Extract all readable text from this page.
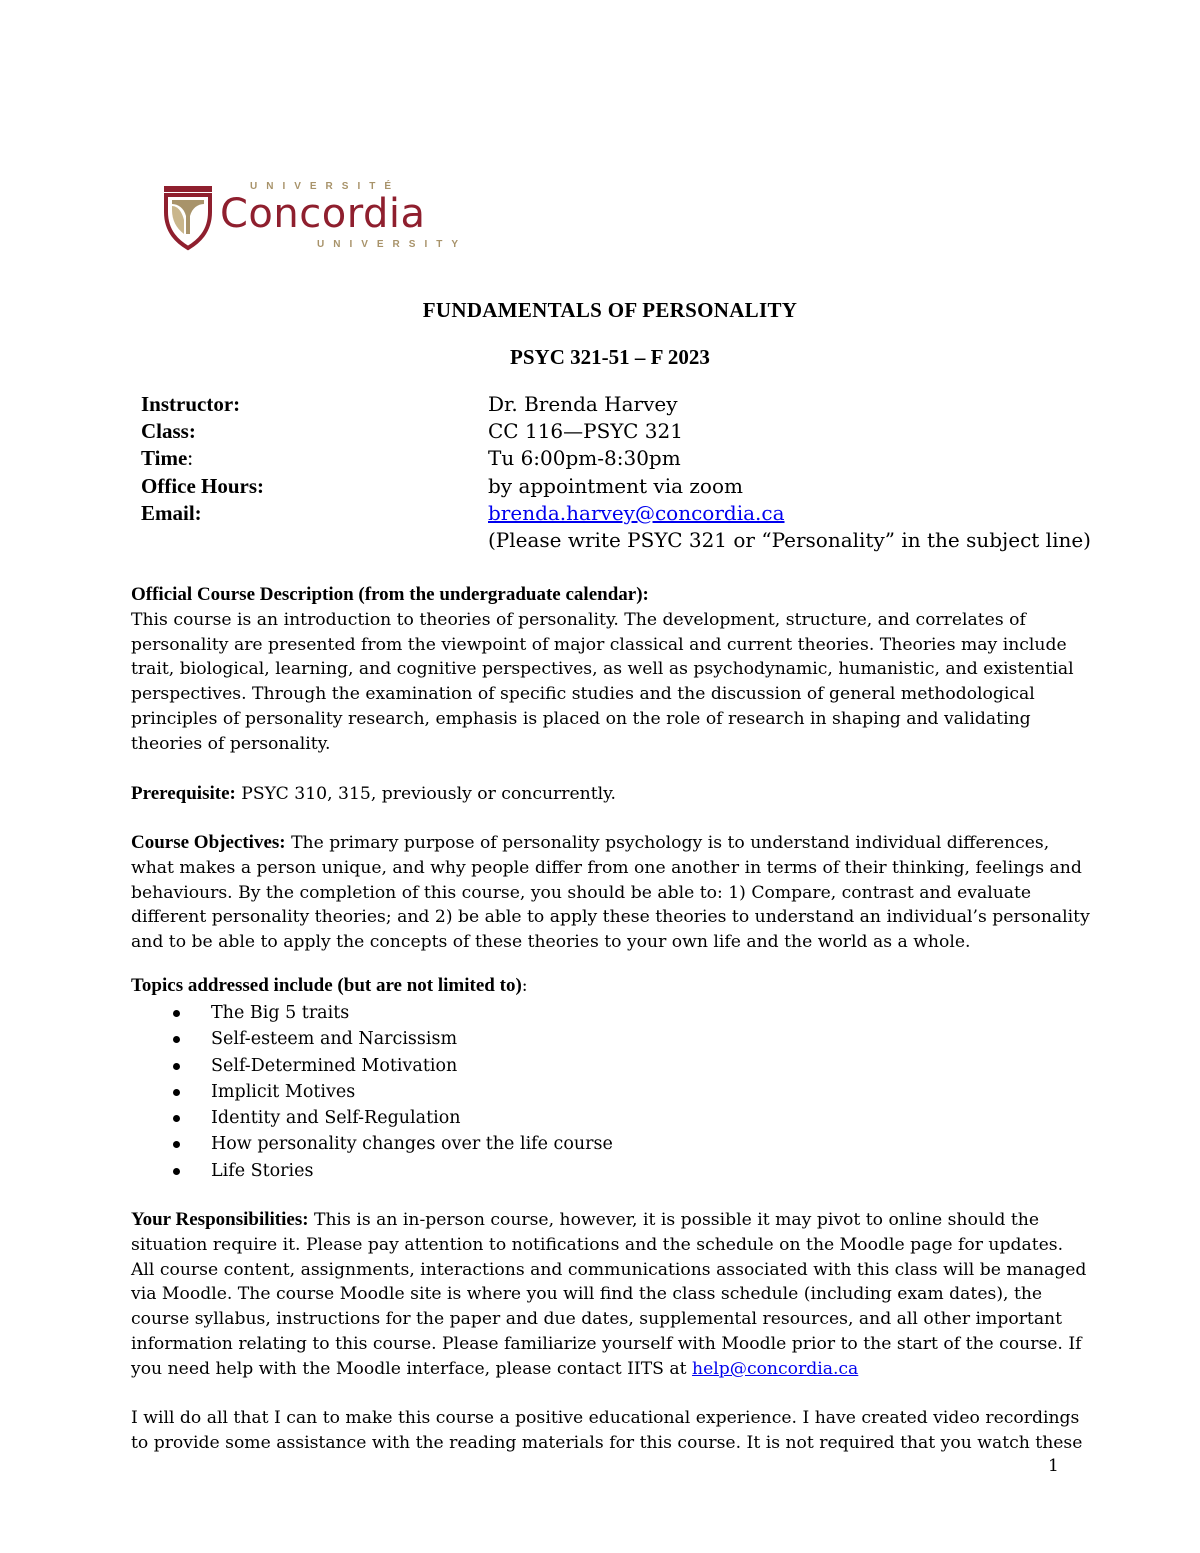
UNIVERSITÉ
Concordia
UNIVERSITY
FUNDAMENTALS OF PERSONALITY
PSYC 321-51 – F 2023
Instructor:	Dr. Brenda Harvey
Class:	CC 116—PSYC 321
Time:	Tu 6:00pm-8:30pm
Office Hours:	by appointment via zoom
Email:	brenda.harvey@concordia.ca
(Please write PSYC 321 or “Personality” in the subject line)
Official Course Description (from the undergraduate calendar):
This course is an introduction to theories of personality. The development, structure, and correlates of personality are presented from the viewpoint of major classical and current theories. Theories may include trait, biological, learning, and cognitive perspectives, as well as psychodynamic, humanistic, and existential perspectives. Through the examination of specific studies and the discussion of general methodological principles of personality research, emphasis is placed on the role of research in shaping and validating theories of personality.
Prerequisite: PSYC 310, 315, previously or concurrently.
Course Objectives: The primary purpose of personality psychology is to understand individual differences, what makes a person unique, and why people differ from one another in terms of their thinking, feelings and behaviours. By the completion of this course, you should be able to: 1) Compare, contrast and evaluate different personality theories; and 2) be able to apply these theories to understand an individual’s personality and to be able to apply the concepts of these theories to your own life and the world as a whole.
Topics addressed include (but are not limited to):
The Big 5 traits
Self-esteem and Narcissism
Self-Determined Motivation
Implicit Motives
Identity and Self-Regulation
How personality changes over the life course
Life Stories
Your Responsibilities: This is an in-person course, however, it is possible it may pivot to online should the situation require it. Please pay attention to notifications and the schedule on the Moodle page for updates. All course content, assignments, interactions and communications associated with this class will be managed via Moodle. The course Moodle site is where you will find the class schedule (including exam dates), the course syllabus, instructions for the paper and due dates, supplemental resources, and all other important information relating to this course. Please familiarize yourself with Moodle prior to the start of the course. If you need help with the Moodle interface, please contact IITS at help@concordia.ca
I will do all that I can to make this course a positive educational experience. I have created video recordings to provide some assistance with the reading materials for this course. It is not required that you watch these
1
